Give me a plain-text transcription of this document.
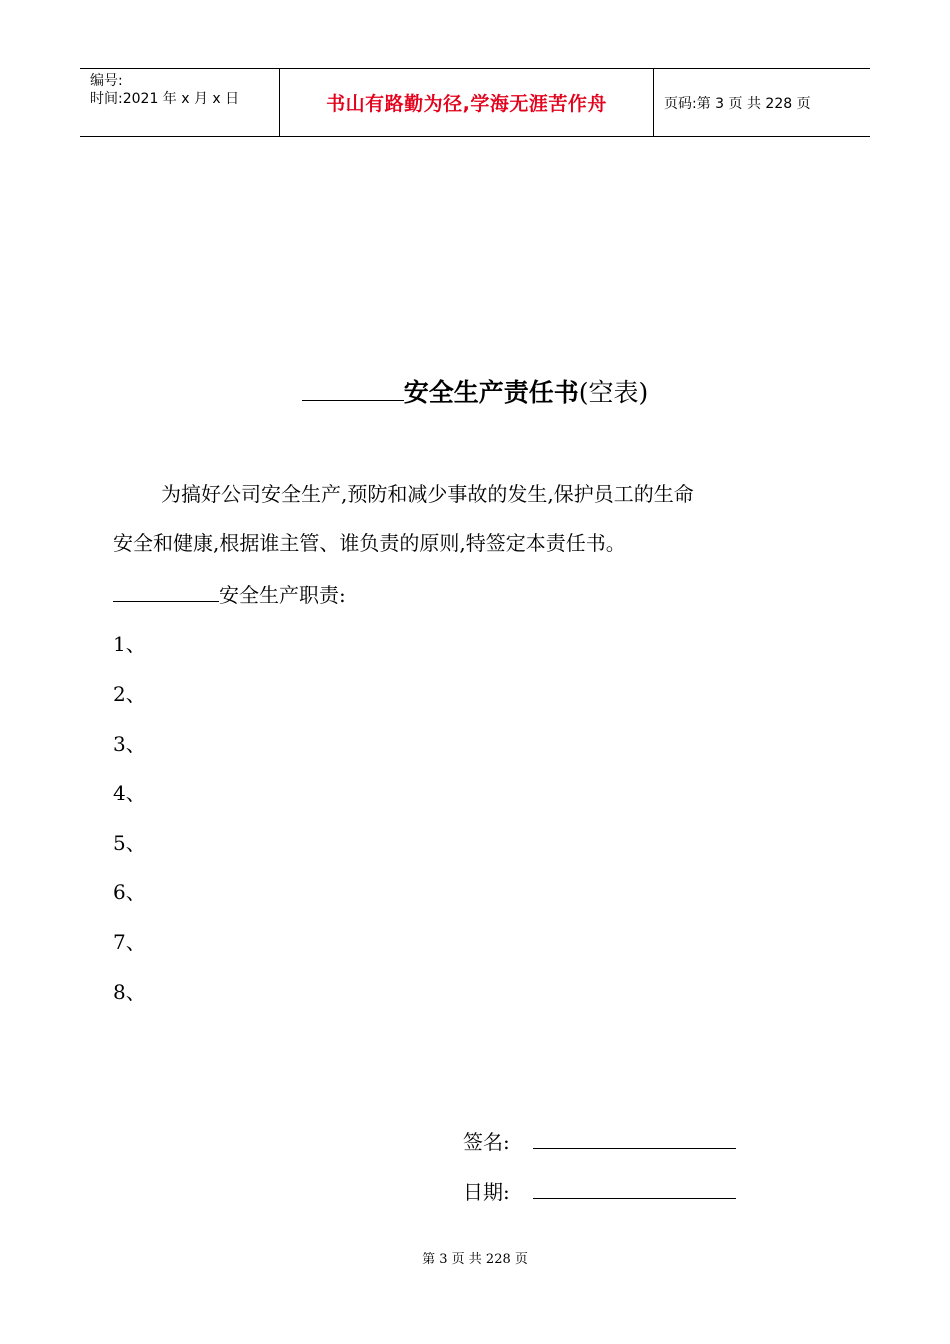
编号:
时间:2021 年 x 月 x 日	书山有路勤为径,学海无涯苦作舟	页码:第 3 页 共 228 页
安全生产责任书(空表)
为搞好公司安全生产,预防和减少事故的发生,保护员工的生命
安全和健康,根据谁主管、谁负责的原则,特签定本责任书。
安全生产职责:
1、
2、
3、
4、
5、
6、
7、
8、
签名:
日期:
第 3 页 共 228 页
